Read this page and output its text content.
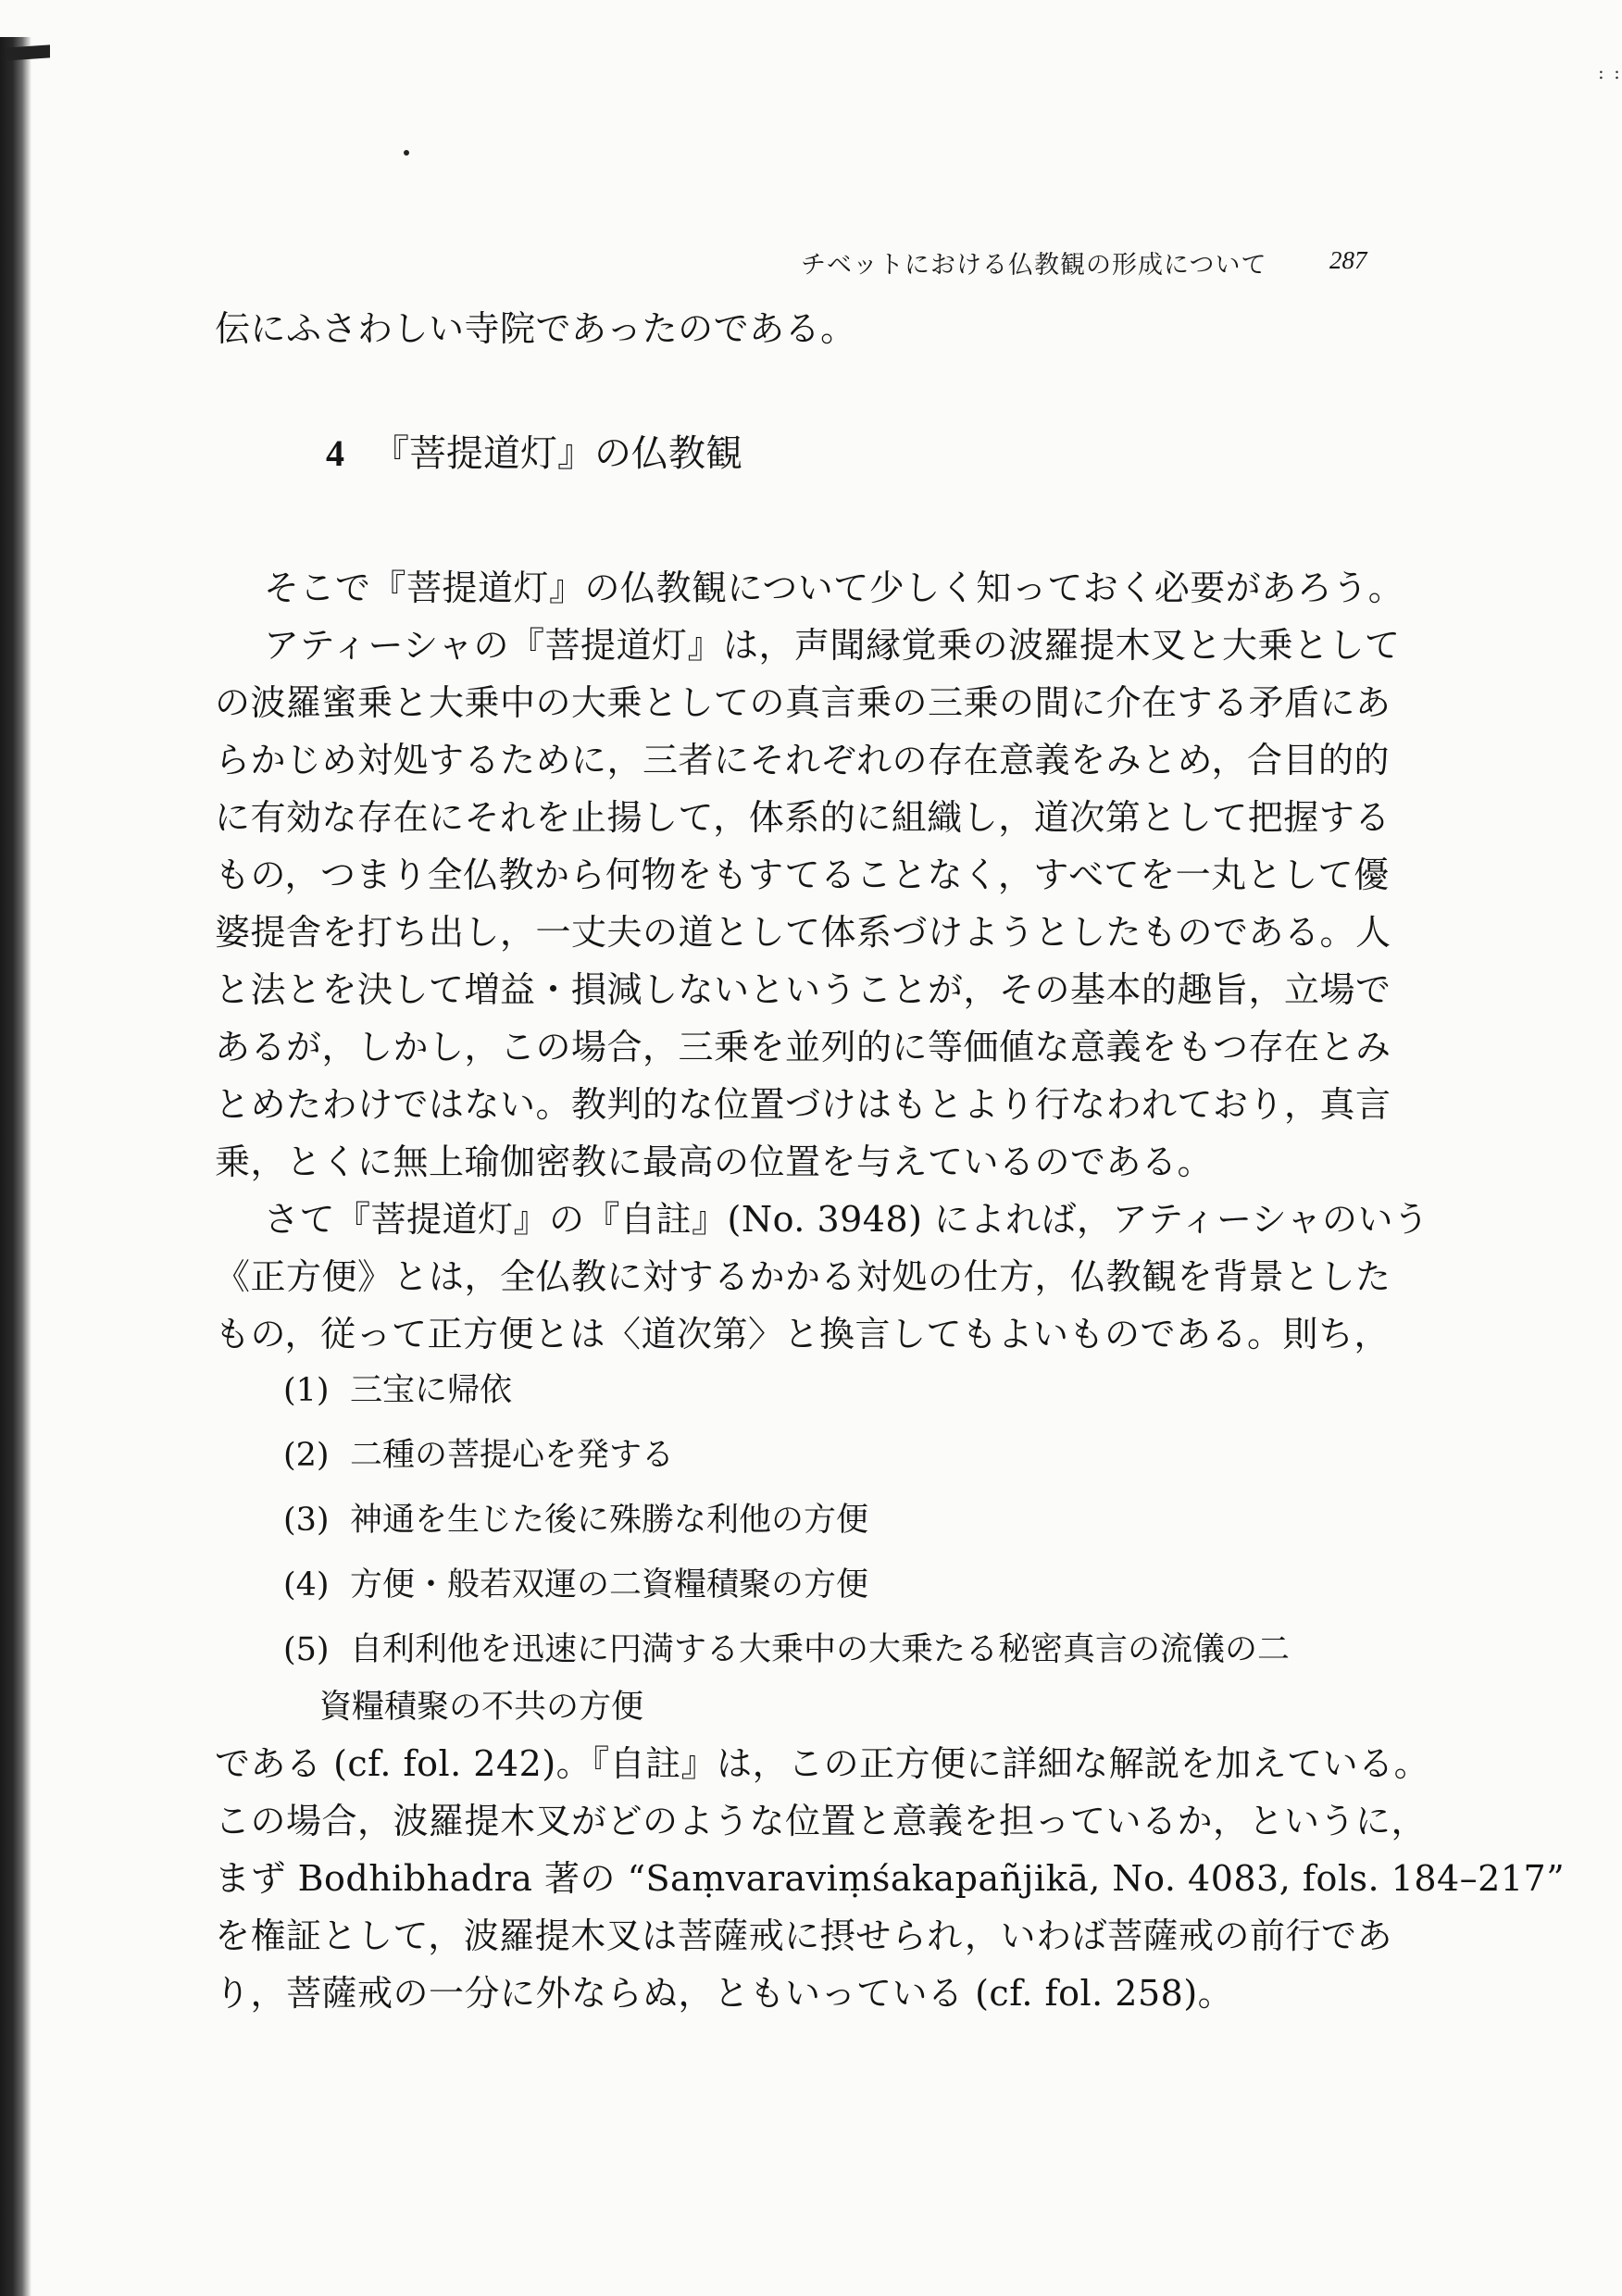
: :
チベットにおける仏教観の形成について	287
伝にふさわしい寺院であったのである。
4 『菩提道灯』の仏教観
そこで『菩提道灯』の仏教観について少しく知っておく必要があろう。
アティーシャの『菩提道灯』は，声聞縁覚乗の波羅提木叉と大乗として
の波羅蜜乗と大乗中の大乗としての真言乗の三乗の間に介在する矛盾にあ
らかじめ対処するために，三者にそれぞれの存在意義をみとめ，合目的的
に有効な存在にそれを止揚して，体系的に組織し，道次第として把握する
もの，つまり全仏教から何物をもすてることなく，すべてを一丸として優
婆提舎を打ち出し，一丈夫の道として体系づけようとしたものである。人
と法とを決して増益・損減しないということが，その基本的趣旨，立場で
あるが，しかし，この場合，三乗を並列的に等価値な意義をもつ存在とみ
とめたわけではない。教判的な位置づけはもとより行なわれており，真言
乗，とくに無上瑜伽密教に最高の位置を与えているのである。
さて『菩提道灯』の『自註』(No. 3948) によれば，アティーシャのいう
《正方便》とは，全仏教に対するかかる対処の仕方，仏教観を背景とした
もの，従って正方便とは〈道次第〉と換言してもよいものである。則ち，
(1) 三宝に帰依
(2) 二種の菩提心を発する
(3) 神通を生じた後に殊勝な利他の方便
(4) 方便・般若双運の二資糧積聚の方便
(5) 自利利他を迅速に円満する大乗中の大乗たる秘密真言の流儀の二
資糧積聚の不共の方便
である (cf. fol. 242)。『自註』は，この正方便に詳細な解説を加えている。
この場合，波羅提木叉がどのような位置と意義を担っているか，というに，
まず Bodhibhadra 著の “Saṃvaraviṃśakapañjikā, No. 4083, fols. 184–217”
を権証として，波羅提木叉は菩薩戒に摂せられ，いわば菩薩戒の前行であ
り，菩薩戒の一分に外ならぬ，ともいっている (cf. fol. 258)。
